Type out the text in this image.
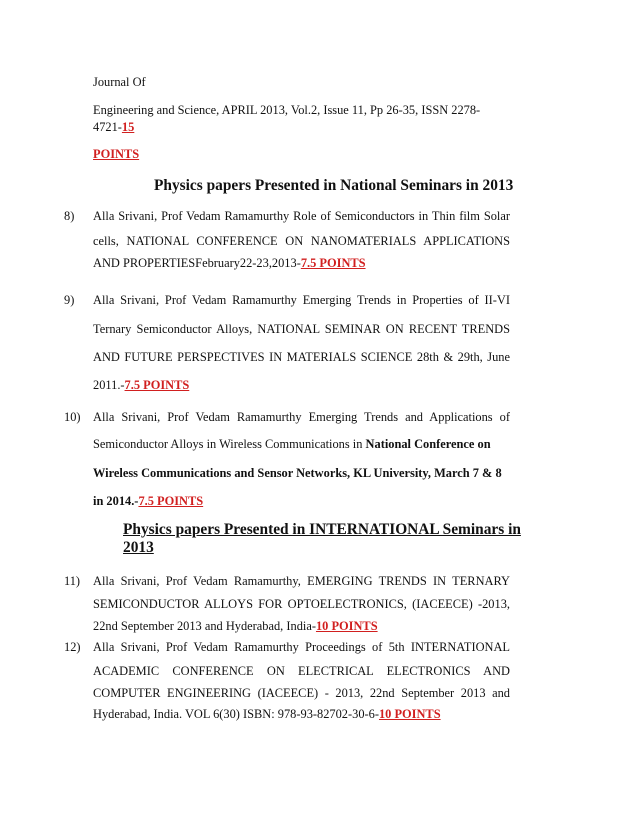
Journal Of
Engineering and Science, APRIL 2013, Vol.2, Issue 11, Pp 26-35, ISSN 2278-
4721-15
POINTS
Physics papers Presented in National Seminars in 2013
8) Alla Srivani, Prof Vedam Ramamurthy Role of Semiconductors in Thin film Solar
cells, NATIONAL CONFERENCE ON NANOMATERIALS APPLICATIONS
AND PROPERTIESFebruary22-23,2013-7.5 POINTS
9) Alla Srivani, Prof Vedam Ramamurthy Emerging Trends in Properties of II-VI
Ternary Semiconductor Alloys, NATIONAL SEMINAR ON RECENT TRENDS
AND FUTURE PERSPECTIVES IN MATERIALS SCIENCE 28th & 29th, June
2011.-7.5 POINTS
10) Alla Srivani, Prof Vedam Ramamurthy Emerging Trends and Applications of
Semiconductor Alloys in Wireless Communications in National Conference on
Wireless Communications and Sensor Networks, KL University, March 7 & 8
in 2014.-7.5 POINTS
Physics papers Presented in INTERNATIONAL Seminars in
2013
11) Alla Srivani, Prof Vedam Ramamurthy, EMERGING TRENDS IN TERNARY
SEMICONDUCTOR ALLOYS FOR OPTOELECTRONICS, (IACEECE) -2013,
22nd September 2013 and Hyderabad, India-10 POINTS
12) Alla Srivani, Prof Vedam Ramamurthy Proceedings of 5th INTERNATIONAL
ACADEMIC CONFERENCE ON ELECTRICAL ELECTRONICS AND
COMPUTER ENGINEERING (IACEECE) - 2013, 22nd September 2013 and
Hyderabad, India. VOL 6(30) ISBN: 978-93-82702-30-6-10 POINTS
